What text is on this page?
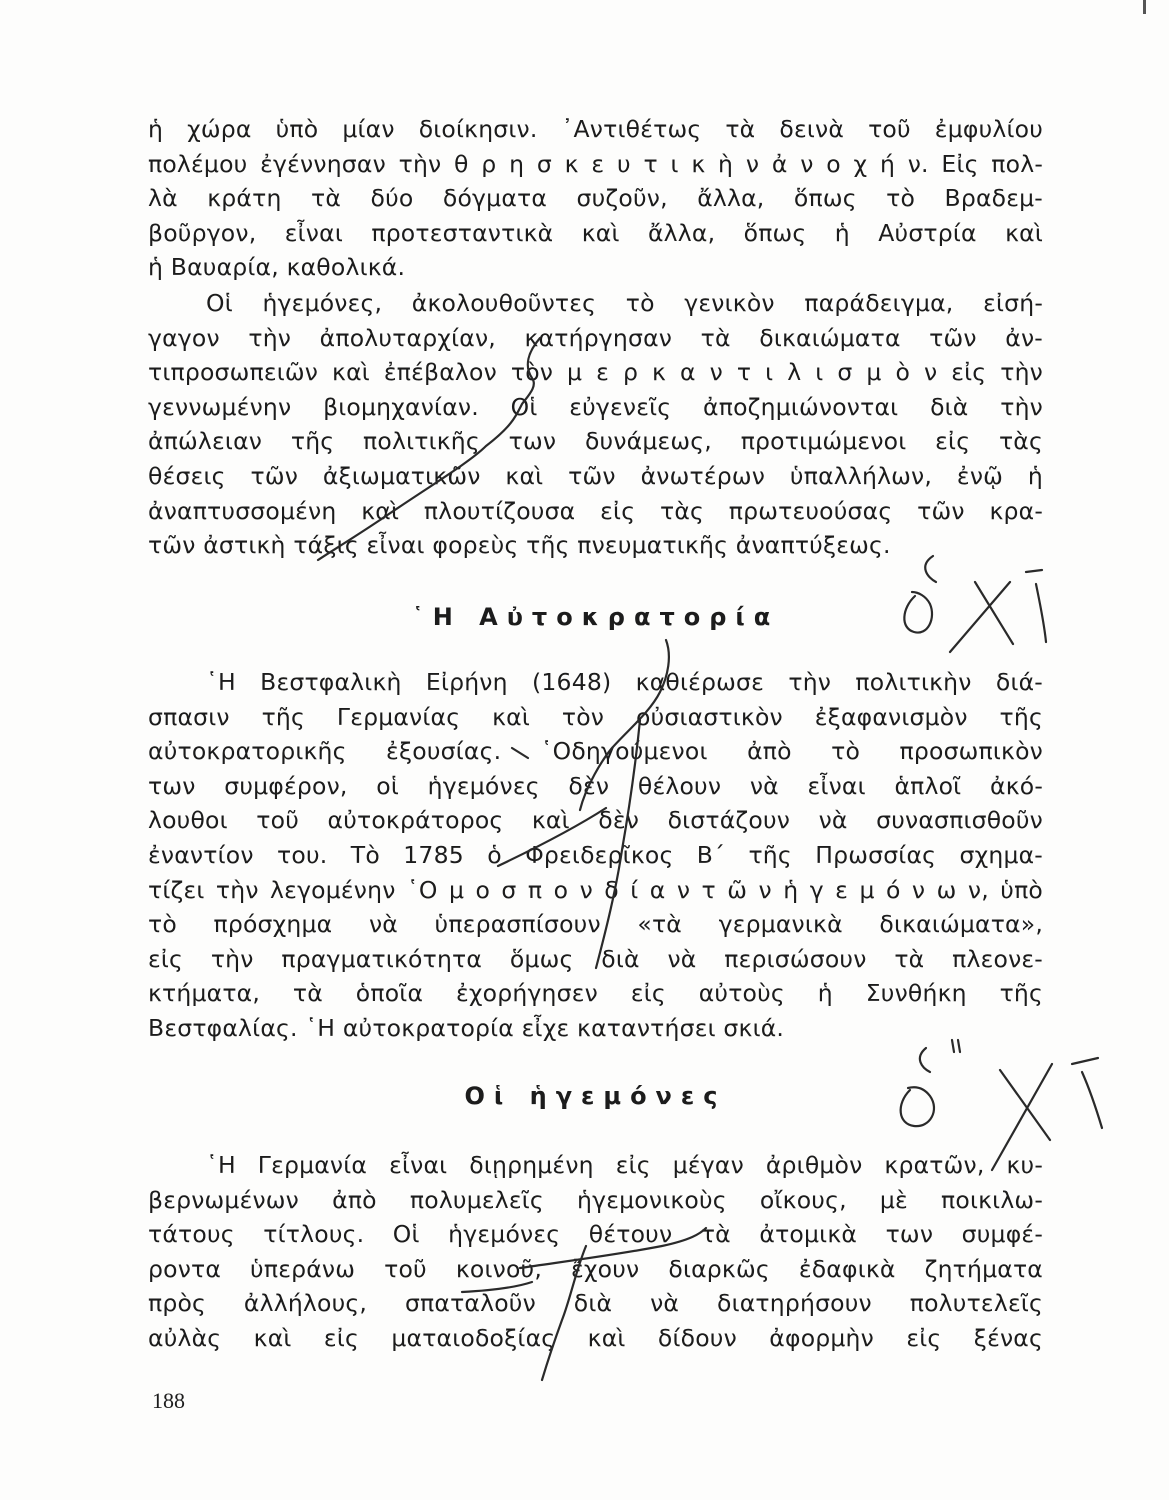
ἡ χώρα ὑπὸ μίαν διοίκησιν. ᾿Αντιθέτως τὰ δεινὰ τοῦ ἐμφυλίου
πολέμου ἐγέννησαν τὴν θ ρ η σ κ ε υ τ ι κ ὴ ν ἀ ν ο χ ή ν. Εἰς πολ-
λὰ κράτη τὰ δύο δόγματα συζοῦν, ἄλλα, ὅπως τὸ Βραδεμ-
βοῦργον, εἶναι προτεσταντικὰ καὶ ἄλλα, ὅπως ἡ Αὐστρία καὶ
ἡ Βαυαρία, καθολικά.
Οἱ ἡγεμόνες, ἀκολουθοῦντες τὸ γενικὸν παράδειγμα, εἰσή-
γαγον τὴν ἀπολυταρχίαν, κατήργησαν τὰ δικαιώματα τῶν ἀν-
τιπροσωπειῶν καὶ ἐπέβαλον τὸν μ ε ρ κ α ν τ ι λ ι σ μ ὸ ν εἰς τὴν
γεννωμένην βιομηχανίαν. Οἱ εὐγενεῖς ἀποζημιώνονται διὰ τὴν
ἀπώλειαν τῆς πολιτικῆς των δυνάμεως, προτιμώμενοι εἰς τὰς
θέσεις τῶν ἀξιωματικῶν καὶ τῶν ἀνωτέρων ὑπαλλήλων, ἐνῷ ἡ
ἀναπτυσσομένη καὶ πλουτίζουσα εἰς τὰς πρωτευούσας τῶν κρα-
τῶν ἀστικὴ τάξις εἶναι φορεὺς τῆς πνευματικῆς ἀναπτύξεως.
῾Η Αὐτοκρατορία
῾Η Βεστφαλικὴ Εἰρήνη (1648) καθιέρωσε τὴν πολιτικὴν διά-
σπασιν τῆς Γερμανίας καὶ τὸν οὐσιαστικὸν ἐξαφανισμὸν τῆς
αὐτοκρατορικῆς ἐξουσίας. ῾Οδηγούμενοι ἀπὸ τὸ προσωπικὸν
των συμφέρον, οἱ ἡγεμόνες δὲν θέλουν νὰ εἶναι ἁπλοῖ ἀκό-
λουθοι τοῦ αὐτοκράτορος καὶ δὲν διστάζουν νὰ συνασπισθοῦν
ἐναντίον του. Τὸ 1785 ὁ Φρειδερῖκος Β΄ τῆς Πρωσσίας σχημα-
τίζει τὴν λεγομένην ῾Ο μ ο σ π ο ν δ ί α ν τ ῶ ν ἡ γ ε μ ό ν ω ν, ὑπὸ
τὸ πρόσχημα νὰ ὑπερασπίσουν «τὰ γερμανικὰ δικαιώματα»,
εἰς τὴν πραγματικότητα ὅμως διὰ νὰ περισώσουν τὰ πλεονε-
κτήματα, τὰ ὁποῖα ἐχορήγησεν εἰς αὐτοὺς ἡ Συνθήκη τῆς
Βεστφαλίας. ῾Η αὐτοκρατορία εἶχε καταντήσει σκιά.
Οἱ ἡγεμόνες
῾Η Γερμανία εἶναι διῃρημένη εἰς μέγαν ἀριθμὸν κρατῶν, κυ-
βερνωμένων ἀπὸ πολυμελεῖς ἡγεμονικοὺς οἴκους, μὲ ποικιλω-
τάτους τίτλους. Οἱ ἡγεμόνες θέτουν τὰ ἀτομικὰ των συμφέ-
ροντα ὑπεράνω τοῦ κοινοῦ, ἔχουν διαρκῶς ἐδαφικὰ ζητήματα
πρὸς ἀλλήλους, σπαταλοῦν διὰ νὰ διατηρήσουν πολυτελεῖς
αὐλὰς καὶ εἰς ματαιοδοξίας καὶ δίδουν ἀφορμὴν εἰς ξένας
188
δ΄ χ1
δ΄ χ1
